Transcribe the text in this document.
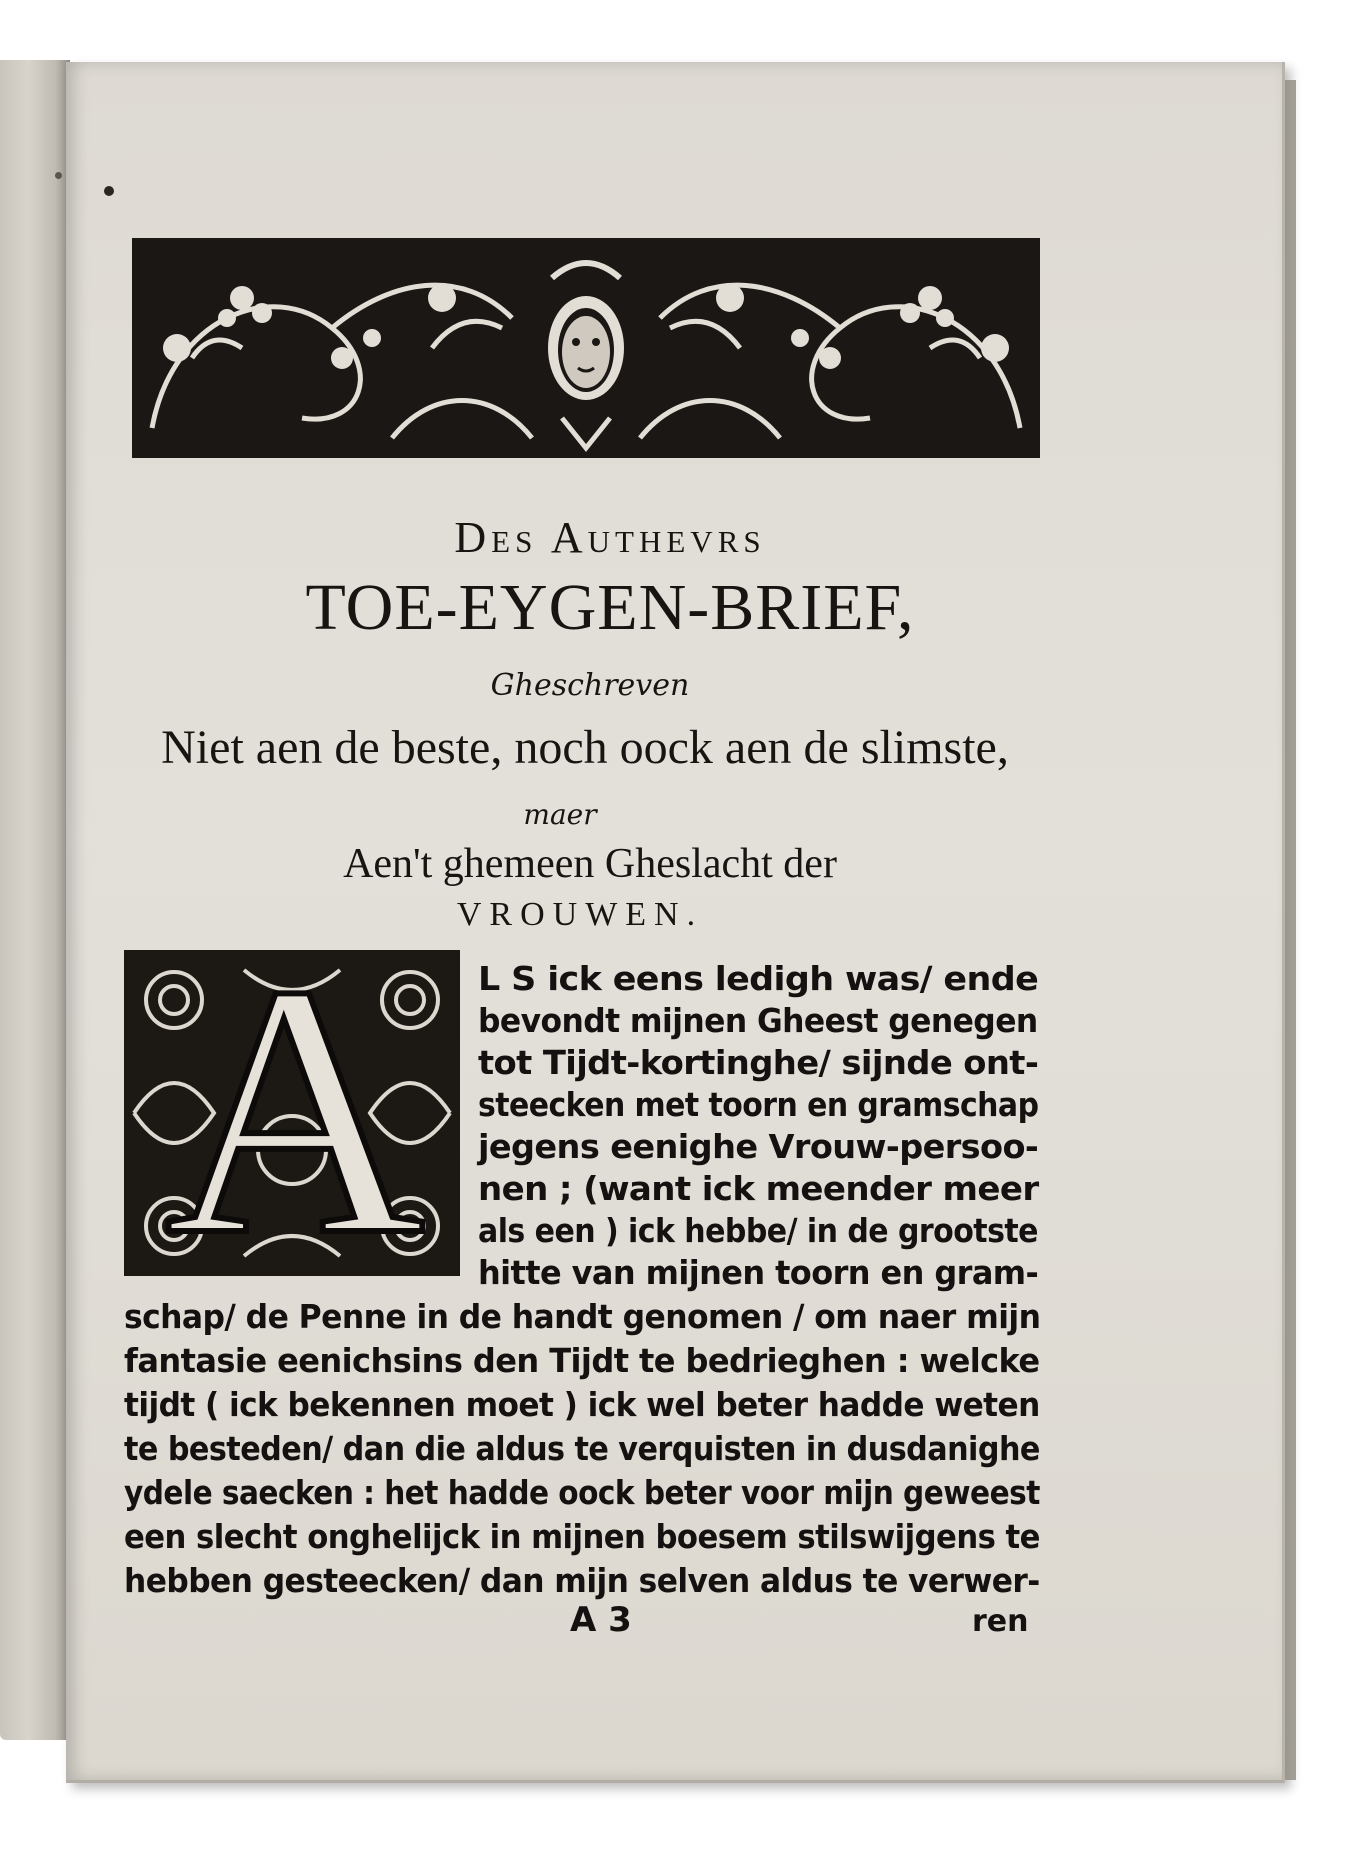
Des Authevrs
TOE-EYGEN-BRIEF,
Gheschreven
Niet aen de beste, noch oock aen de slimste,
maer
Aen't ghemeen Gheslacht der
VROUWEN.
A	L S ick eens ledigh was/ ende
bevondt mijnen Gheest genegen
tot Tijdt-kortinghe/ sijnde ont-
steecken met toorn en gramschap
jegens eenighe Vrouw-persoo-
nen ; (want ick meender meer
als een ) ick hebbe/ in de grootste
hitte van mijnen toorn en gram-
schap/ de Penne in de handt genomen / om naer mijn
fantasie eenichsins den Tijdt te bedrieghen : welcke
tijdt ( ick bekennen moet ) ick wel beter hadde weten
te besteden/ dan die aldus te verquisten in dusdanighe
ydele saecken : het hadde oock beter voor mijn geweest
een slecht onghelijck in mijnen boesem stilswijgens te
hebben gesteecken/ dan mijn selven aldus te verwer-
A 3	ren
